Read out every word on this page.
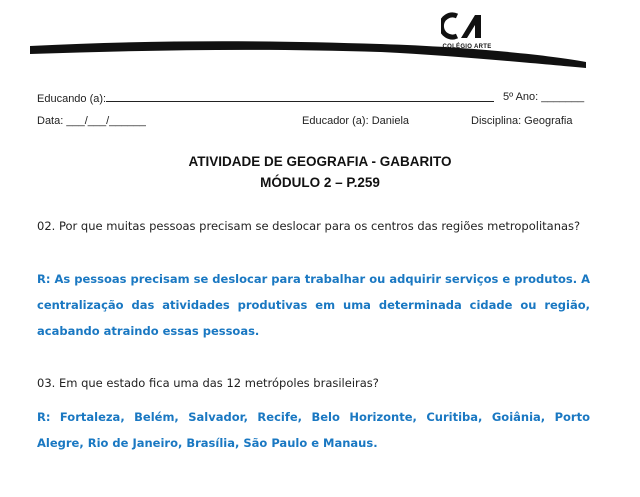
COLÉGIO ARTE
Educando (a):	5º Ano: _______
Data: ___/___/______	Educador (a): Daniela	Disciplina: Geografia
ATIVIDADE DE GEOGRAFIA - GABARITO
MÓDULO 2 – P.259
02. Por que muitas pessoas precisam se deslocar para os centros das regiões metropolitanas?
R: As pessoas precisam se deslocar para trabalhar ou adquirir serviços e produtos. A centralização das atividades produtivas em uma determinada cidade ou região, acabando atraindo essas pessoas.
03. Em que estado fica uma das 12 metrópoles brasileiras?
R: Fortaleza, Belém, Salvador, Recife, Belo Horizonte, Curitiba, Goiânia, Porto Alegre, Rio de Janeiro, Brasília, São Paulo e Manaus.
